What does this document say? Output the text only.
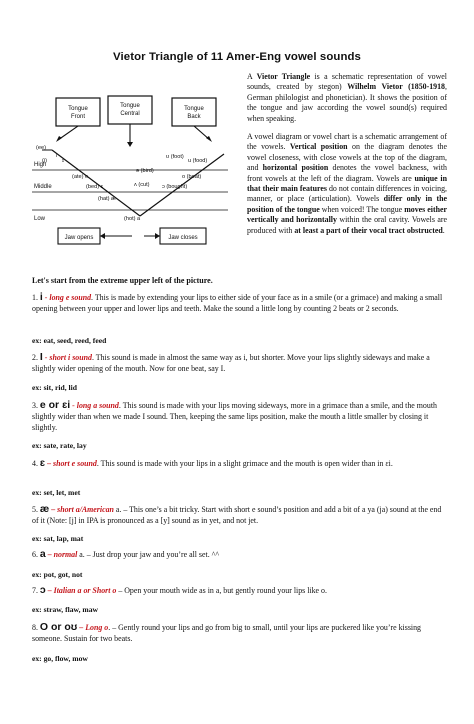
Vietor Triangle of 11 Amer-Eng vowel sounds
Tongue
Front
Tongue
Central
Tongue
Back
High
Middle
Low
(ee)
i
(i)	ɪ
ʊ (foot)
u (food)
(ate) e
ə (bird)
o (boat)
(bed) ɛ	ʌ (cut) ɔ (bought)
(hat) æ
(hot) a
Jaw opens	Jaw closes

A Vietor Triangle is a schematic representation of vowel sounds, created by stegon) Wilhelm Vietor (1850-1918, German philologist and phonetician). It shows the position of the tongue and jaw according the vowel sound(s) required when speaking.

A vowel diagram or vowel chart is a schematic arrangement of the vowels. Vertical position on the diagram denotes the vowel closeness, with close vowels at the top of the diagram, and horizontal position denotes the vowel backness, with front vowels at the left of the diagram. Vowels are unique in that their main features do not contain differences in voicing, manner, or place (articulation). Vowels differ only in the position of the tongue when voiced! The tongue moves either vertically and horizontally within the oral cavity. Vowels are produced with at least a part of their vocal tract obstructed.

Let's start from the extreme upper left of the picture.
1. i - long e sound. This is made by extending your lips to either side of your face as in a smile (or a grimace) and making a small opening between your upper and lower lips and teeth. Make the sound a little long by counting 2 beats or 2 seconds.
ex: eat, seed, reed, feed
2. I - short i sound. This sound is made in almost the same way as i, but shorter. Move your lips slightly sideways and make a slightly wider opening of the mouth. Now for one beat, say I.
ex: sit, rid, lid
3. e or ɛi - long a sound. This sound is made with your lips moving sideways, more in a grimace than a smile, and the mouth slightly wider than when we made I sound. Then, keeping the same lips position, make the mouth a little smaller by closing it slightly.
ex: sate, rate, lay
4. ɛ – short e sound. This sound is made with your lips in a slight grimace and the mouth is open wider than in ɛi.
ex: set, let, met
5. æ – short a/American a. – This one’s a bit tricky. Start with short e sound’s position and add a bit of a ya (ja) sound at the end of it (Note: [j] in IPA is pronounced as a [y] sound as in yet, and not jet.
ex: sat, lap, mat
6. a – normal a. – Just drop your jaw and you’re all set. ^^
ex: pot, got, not
7. ɔ – Italian a or Short o – Open your mouth wide as in a, but gently round your lips like o.
ex: straw, flaw, maw
8. O or oʊ – Long o. – Gently round your lips and go from big to small, until your lips are puckered like you’re kissing someone. Sustain for two beats.
ex: go, flow, mow
